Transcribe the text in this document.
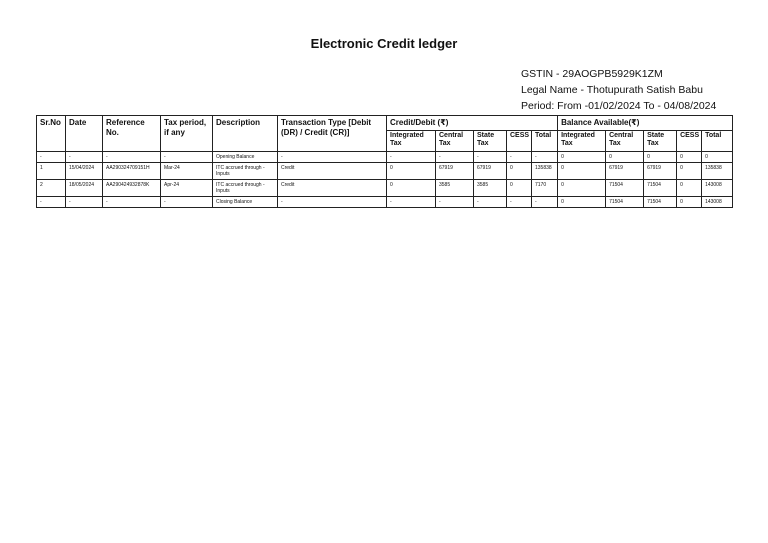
Electronic Credit ledger
GSTIN - 29AOGPB5929K1ZM
Legal Name - Thotupurath Satish Babu
Period: From -01/02/2024 To - 04/08/2024
Sr.No	Date	Reference No.	Tax period, if any	Description	Transaction Type [Debit (DR) / Credit (CR)]	Credit/Debit (₹)					Balance Available(₹)				
						Integrated Tax	Central Tax	State Tax	CESS	Total	Integrated Tax	Central Tax	State Tax	CESS	Total
-	-	-	-	Opening Balance	-	-	-	-	-	-	0	0	0	0	0
1	15/04/2024	AA290324709151H	Mar-24	ITC accrued through - Inputs	Credit	0	67919	67919	0	135838	0	67919	67919	0	135838
2	18/05/2024	AA290424932878K	Apr-24	ITC accrued through - Inputs	Credit	0	3585	3585	0	7170	0	71504	71504	0	143008
-	-	-	-	Closing Balance	-	-	-	-	-	-	0	71504	71504	0	143008
